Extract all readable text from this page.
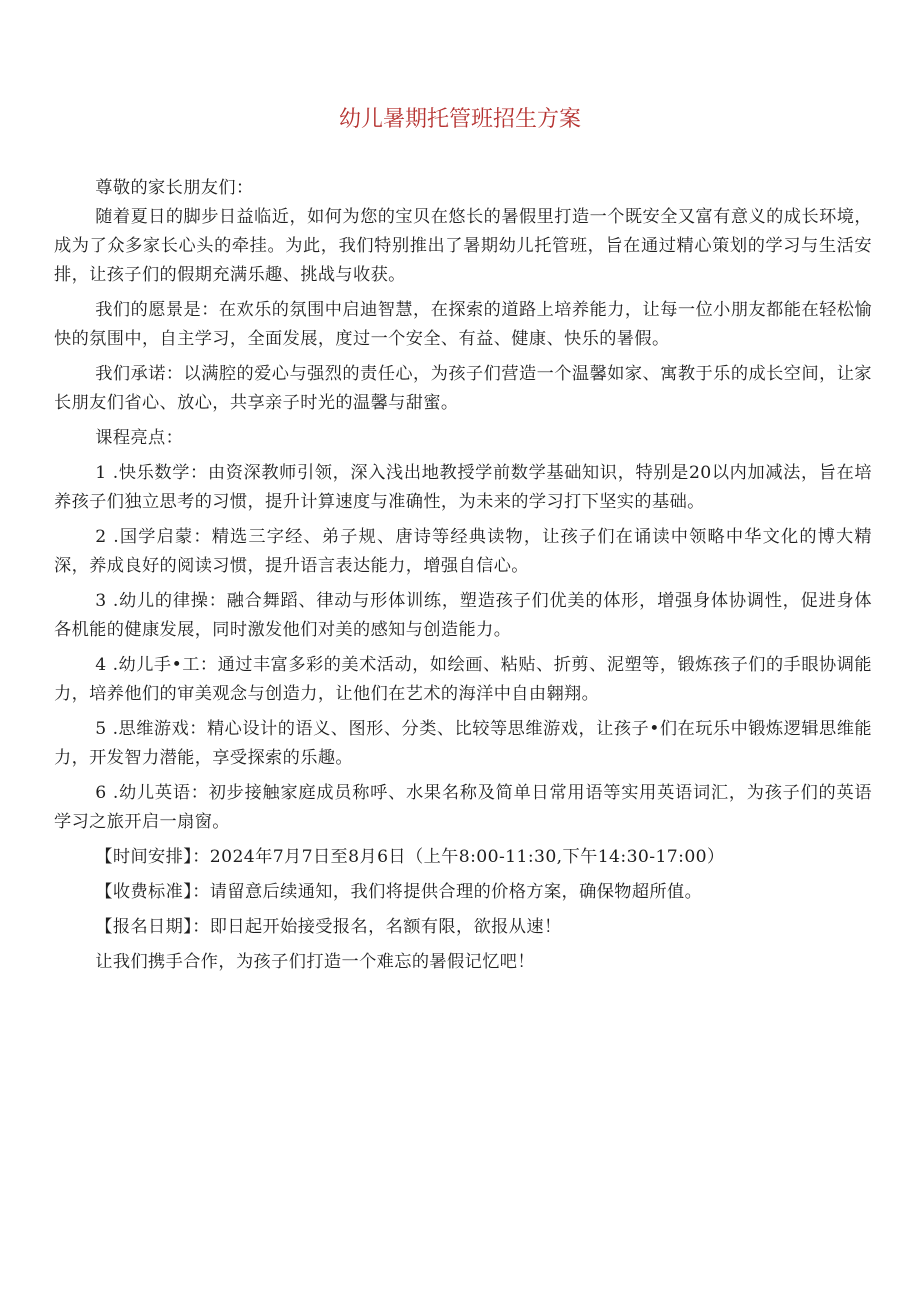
幼儿暑期托管班招生方案

尊敬的家长朋友们：

随着夏日的脚步日益临近，如何为您的宝贝在悠长的暑假里打造一个既安全又富有意义的成长环境，成为了众多家长心头的牵挂。为此，我们特别推出了暑期幼儿托管班，旨在通过精心策划的学习与生活安排，让孩子们的假期充满乐趣、挑战与收获。

我们的愿景是：在欢乐的氛围中启迪智慧，在探索的道路上培养能力，让每一位小朋友都能在轻松愉快的氛围中，自主学习，全面发展，度过一个安全、有益、健康、快乐的暑假。

我们承诺：以满腔的爱心与强烈的责任心，为孩子们营造一个温馨如家、寓教于乐的成长空间，让家长朋友们省心、放心，共享亲子时光的温馨与甜蜜。

课程亮点：

1 .快乐数学：由资深教师引领，深入浅出地教授学前数学基础知识，特别是20以内加减法，旨在培养孩子们独立思考的习惯，提升计算速度与准确性，为未来的学习打下坚实的基础。

2 .国学启蒙：精选三字经、弟子规、唐诗等经典读物，让孩子们在诵读中领略中华文化的博大精深，养成良好的阅读习惯，提升语言表达能力，增强自信心。

3 .幼儿的律操：融合舞蹈、律动与形体训练，塑造孩子们优美的体形，增强身体协调性，促进身体各机能的健康发展，同时激发他们对美的感知与创造能力。

4 .幼儿手•工：通过丰富多彩的美术活动，如绘画、粘贴、折剪、泥塑等，锻炼孩子们的手眼协调能力，培养他们的审美观念与创造力，让他们在艺术的海洋中自由翱翔。

5 .思维游戏：精心设计的语义、图形、分类、比较等思维游戏，让孩子•们在玩乐中锻炼逻辑思维能力，开发智力潜能，享受探索的乐趣。

6 .幼儿英语：初步接触家庭成员称呼、水果名称及简单日常用语等实用英语词汇，为孩子们的英语学习之旅开启一扇窗。

【时间安排】：2024年7月7日至8月6日（上午8:00-11:30,下午14:30-17:00）

【收费标准】：请留意后续通知，我们将提供合理的价格方案，确保物超所值。

【报名日期】：即日起开始接受报名，名额有限，欲报从速！

让我们携手合作，为孩子们打造一个难忘的暑假记忆吧！
